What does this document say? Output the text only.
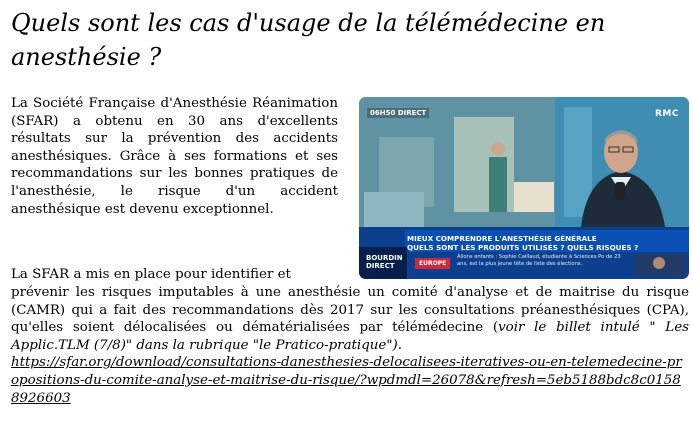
Quels sont les cas d'usage de la télémédecine en anesthésie ?

La Société Française d'Anesthésie Réanimation (SFAR) a obtenu en 30 ans d'excellents résultats sur la prévention des accidents anesthésiques. Grâce à ses formations et ses recommandations sur les bonnes pratiques de l'anesthésie, le risque d'un accident anesthésique est devenu exceptionnel.

06H50 DIRECT	RMC
MIEUX COMPRENDRE L'ANESTHÉSIE GÉNÉRALE
QUELS SONT LES PRODUITS UTILISÉS ? QUELS RISQUES ?
BOURDIN
DIRECT	EUROPE
Allons enfants : Sophie Caillaud, étudiante à Sciences Po de 23 ans, est la plus jeune tête de liste des élections.

La SFAR a mis en place pour identifier et

prévenir les risques imputables à une anesthésie un comité d'analyse et de maitrise du risque (CAMR) qui a fait des recommandations dès 2017 sur les consultations préanesthésiques (CPA), qu'elles soient délocalisées ou dématérialisées par télémédecine (voir le billet intulé " Les Applic.TLM (7/8)" dans la rubrique "le Pratico-pratique").
https://sfar.org/download/consultations-danesthesies-delocalisees-iteratives-ou-en-telemedecine-propositions-du-comite-analyse-et-maitrise-du-risque/?wpdmdl=26078&refresh=5eb5188bdc8c01588926603
